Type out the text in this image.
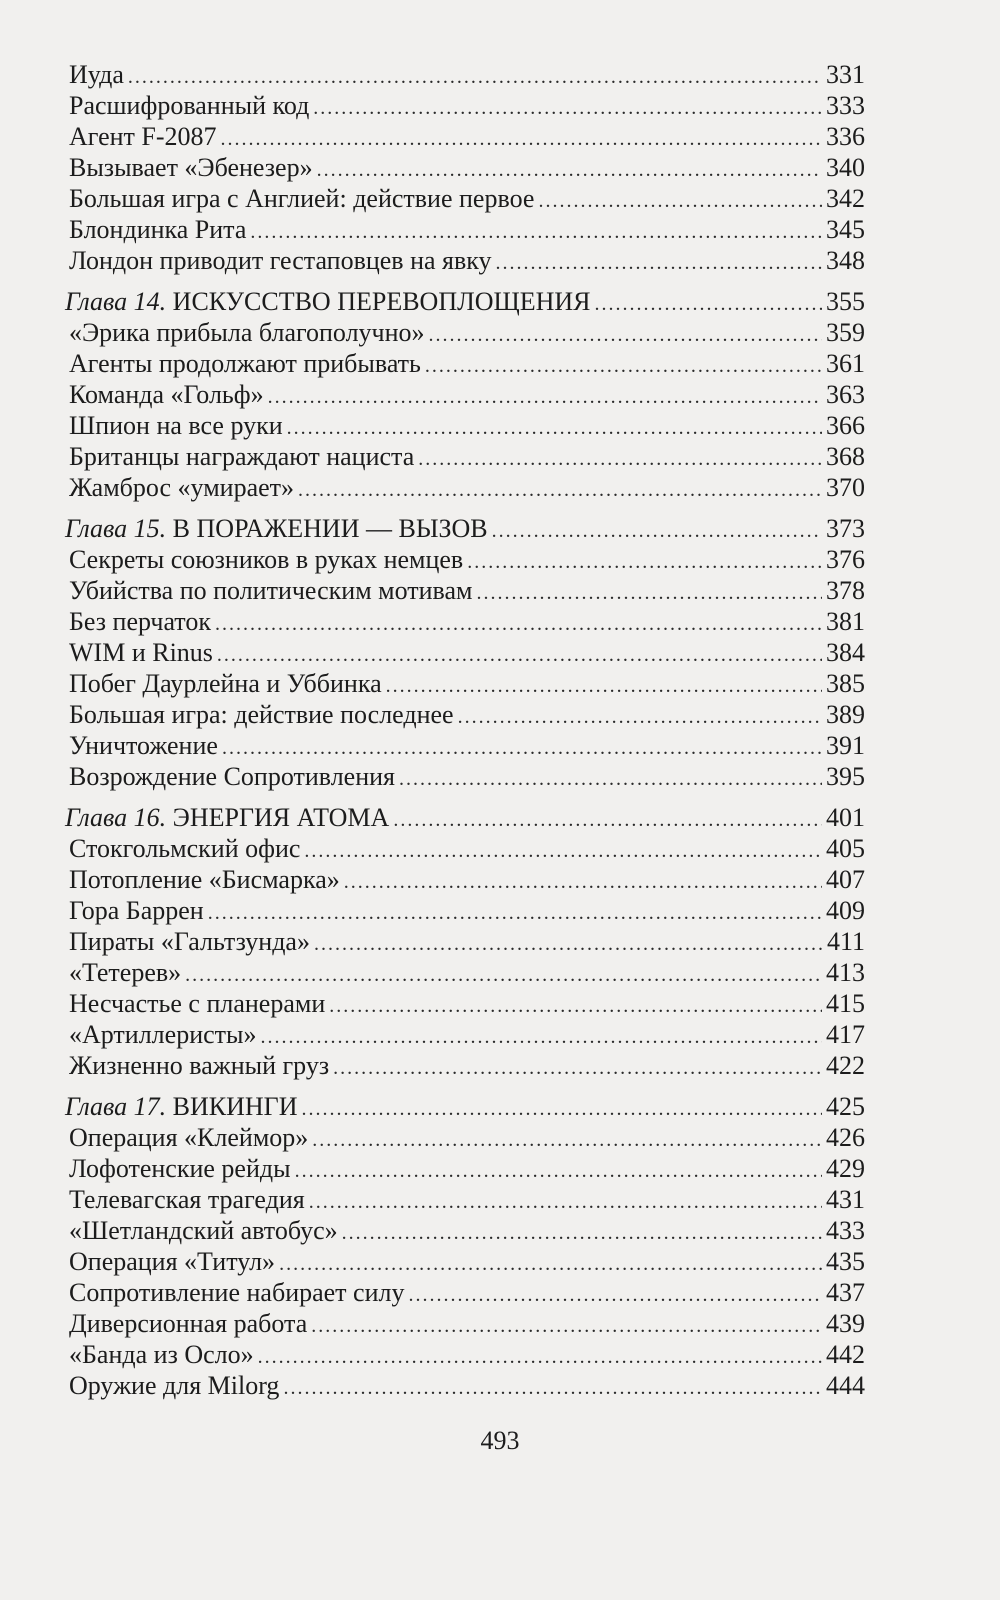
Иуда .....	331
Расшифрованный код .....	333
Агент F-2087 .....	336
Вызывает «Эбенезер» .....	340
Большая игра с Англией: действие первое .....	342
Блондинка Рита .....	345
Лондон приводит гестаповцев на явку .....	348
Глава 14. ИСКУССТВО ПЕРЕВОПЛОЩЕНИЯ .....	355
«Эрика прибыла благополучно» .....	359
Агенты продолжают прибывать .....	361
Команда «Гольф» .....	363
Шпион на все руки .....	366
Британцы награждают нациста .....	368
Жамброс «умирает» .....	370
Глава 15. В ПОРАЖЕНИИ — ВЫЗОВ .....	373
Секреты союзников в руках немцев .....	376
Убийства по политическим мотивам .....	378
Без перчаток .....	381
WIM и Rinus .....	384
Побег Даурлейна и Уббинка .....	385
Большая игра: действие последнее .....	389
Уничтожение .....	391
Возрождение Сопротивления .....	395
Глава 16. ЭНЕРГИЯ АТОМА .....	401
Стокгольмский офис .....	405
Потопление «Бисмарка» .....	407
Гора Баррен .....	409
Пираты «Гальтзунда» .....	411
«Тетерев» .....	413
Несчастье с планерами .....	415
«Артиллеристы» .....	417
Жизненно важный груз .....	422
Глава 17. ВИКИНГИ .....	425
Операция «Клеймор» .....	426
Лофотенские рейды .....	429
Телевагская трагедия .....	431
«Шетландский автобус» .....	433
Операция «Титул» .....	435
Сопротивление набирает силу .....	437
Диверсионная работа .....	439
«Банда из Осло» .....	442
Оружие для Milorg .....	444
493
